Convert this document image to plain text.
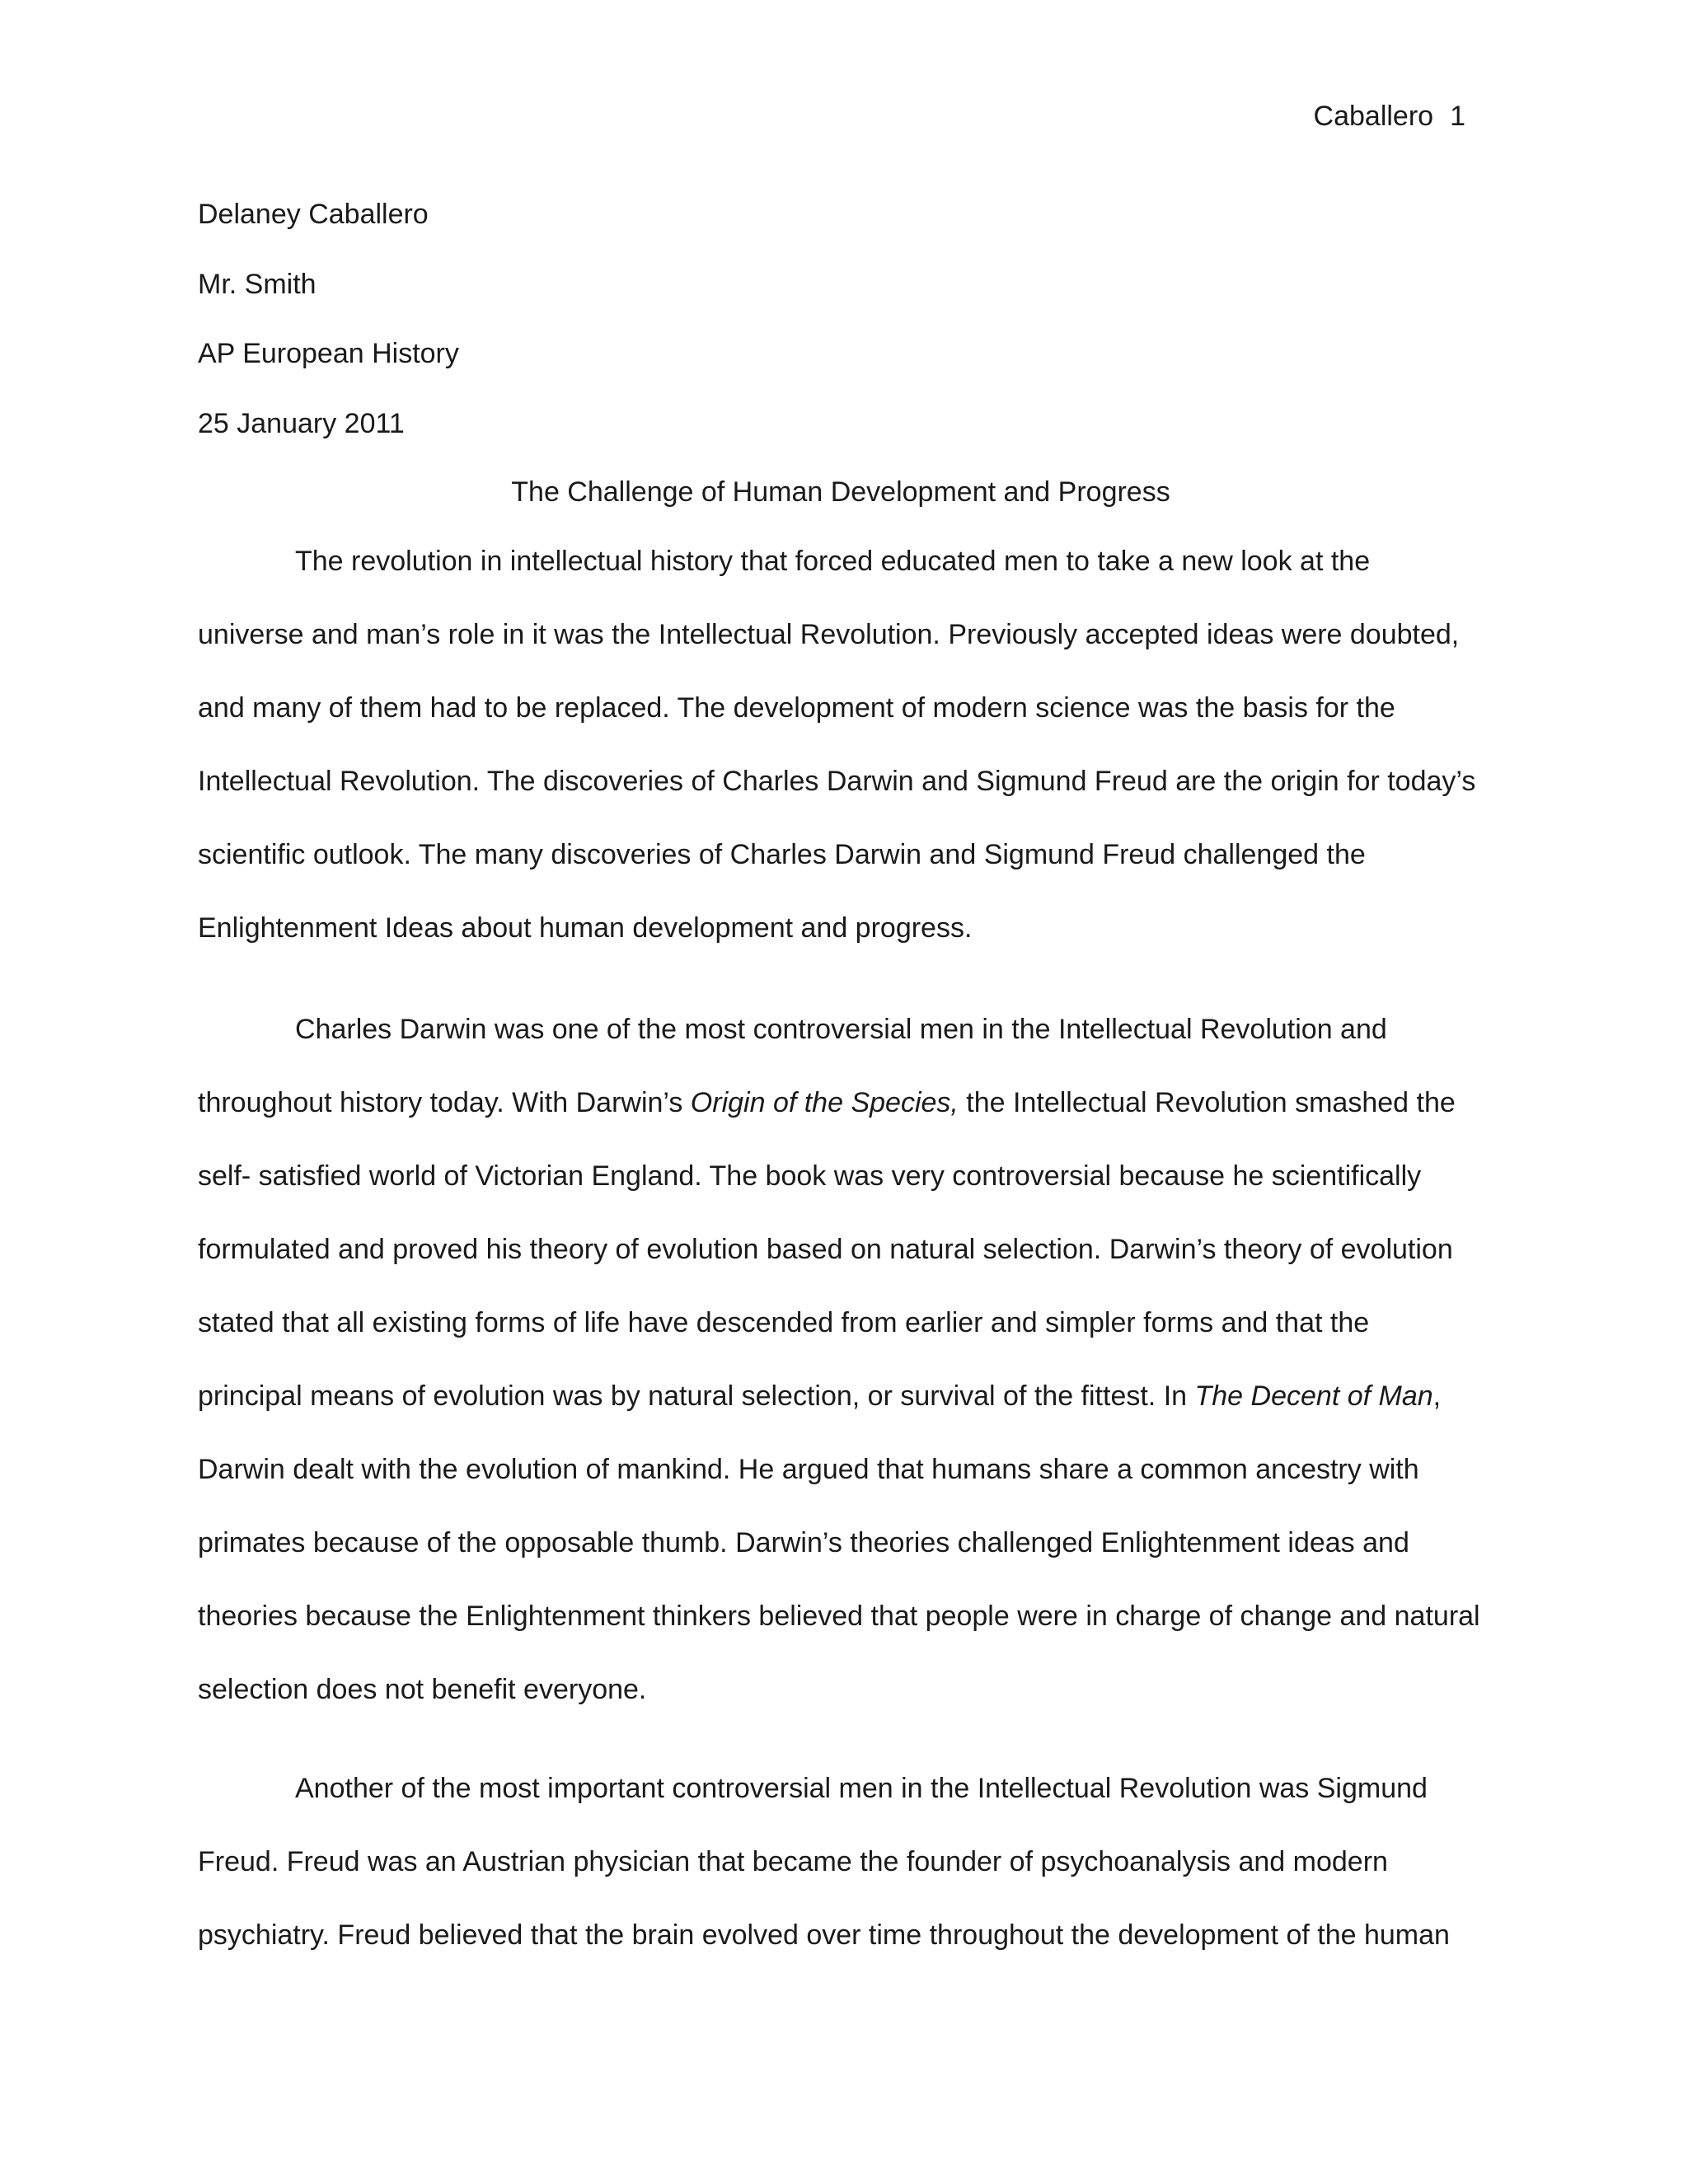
Caballero 1
Delaney Caballero
Mr. Smith
AP European History
25 January 2011
The Challenge of Human Development and Progress
The revolution in intellectual history that forced educated men to take a new look at the
universe and man’s role in it was the Intellectual Revolution. Previously accepted ideas were doubted,
and many of them had to be replaced. The development of modern science was the basis for the
Intellectual Revolution. The discoveries of Charles Darwin and Sigmund Freud are the origin for today’s
scientific outlook. The many discoveries of Charles Darwin and Sigmund Freud challenged the
Enlightenment Ideas about human development and progress.
Charles Darwin was one of the most controversial men in the Intellectual Revolution and
throughout history today. With Darwin’s Origin of the Species, the Intellectual Revolution smashed the
self- satisfied world of Victorian England. The book was very controversial because he scientifically
formulated and proved his theory of evolution based on natural selection. Darwin’s theory of evolution
stated that all existing forms of life have descended from earlier and simpler forms and that the
principal means of evolution was by natural selection, or survival of the fittest. In The Decent of Man,
Darwin dealt with the evolution of mankind. He argued that humans share a common ancestry with
primates because of the opposable thumb. Darwin’s theories challenged Enlightenment ideas and
theories because the Enlightenment thinkers believed that people were in charge of change and natural
selection does not benefit everyone.
Another of the most important controversial men in the Intellectual Revolution was Sigmund
Freud. Freud was an Austrian physician that became the founder of psychoanalysis and modern
psychiatry. Freud believed that the brain evolved over time throughout the development of the human
